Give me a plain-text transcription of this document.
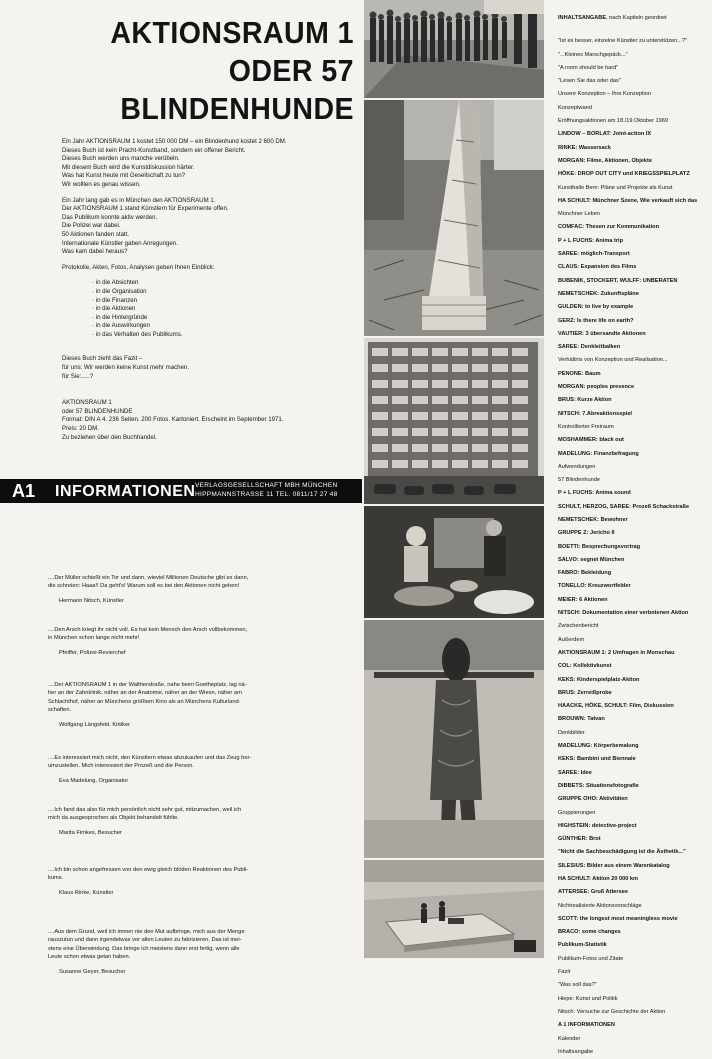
AKTIONSRAUM 1
ODER 57 BLINDENHUNDE

Ein Jahr AKTIONSRAUM 1 kostet 150 000 DM – ein Blindenhund kostet 2 600 DM.
Dieses Buch ist kein Pracht-Kunstband, sondern ein offener Bericht.
Dieses Buch werden uns manche verübeln.
Mit diesem Buch wird die Kunstdiskussion härter.
Was hat Kunst heute mit Gesellschaft zu tun?
Wir wollten es genau wissen.

Ein Jahr lang gab es in München den AKTIONSRAUM 1.
Der AKTIONSRAUM 1 stand Künstlern für Experimente offen.
Das Publikum konnte aktiv werden.
Die Polizei war dabei.
50 Aktionen fanden statt.
Internationale Künstler gaben Anregungen.
Was kam dabei heraus?

Protokolle, Akten, Fotos, Analysen geben Ihnen Einblick:

· in die Absichten
· in die Organisation
· in die Finanzen
· in die Aktionen
· in die Hintergründe
· in die Auswirkungen
· in das Verhalten des Publikums.

Dieses Buch zieht das Fazit –
für uns: Wir werden keine Kunst mehr machen.
für Sie:.....?

AKTIONSRAUM 1
oder 57 BLINDENHUNDE
Format: DIN A 4. 236 Seiten. 200 Fotos. Kartoniert. Erscheint im September 1971.
Preis: 20 DM.
Zu beziehen über den Buchhandel.

A1 INFORMATIONEN VERLAGSGESELLSCHAFT MBH MÜNCHEN
HIPPMANNSTRASSE 11 TEL. 0811/17 27 48
....Der Müller schießt ein Tor und dann, wieviel Millionen Deutsche gibt es dann,
die schreien: Haaa!! Da geht's! Warum soll es bei den Aktionen nicht gehen!
Hermann Nitsch, Künstler
....Den Arsch kriegt ihr nicht voll. Es hat kein Mensch den Arsch vollbekommen,
in München schon lange nicht mehr!
Pfeiffer, Polizei-Revierchef
....Der AKTIONSRAUM 1 in der Waltherstraße, nahe beim Goetheplatz, lag nä-
her an der Zahnklinik, näher an der Anatomie, näher an der Wiesn, näher am
Schlachthof, näher an Münchens größtem Kino als an Münchens Kulturland-
schaften.
Wolfgang Längsfeld, Kritiker
....Es interessiert mich nicht, den Künstlern etwas abzukaufen und das Zeug her-
umzustellen. Mich interessiert der Prozeß und die Person.
Eva Madelung, Organisator
....Ich fand das also für mich persönlich nicht sehr gut, mitzumachen, weil ich
mich da ausgesprochen als Objekt behandelt fühlte.
Marita Fimkes, Besucher
....Ich bin schon angefressen von den ewig gleich blöden Reaktionen des Publi-
kums.
Klaus Rinke, Künstler
....Aus dem Grund, weil ich immer nie den Mut aufbringe, mich aus der Menge
rauszutun und dann irgendetwas vor allen Leuten zu fabrizieren. Das ist mei-
stens eine Überwindung. Das bringe ich meistens dann erst fertig, wenn alle
Leute schon etwas getan haben.
Susanne Geyer, Besucher
INHALTSANGABE, nach Kapiteln geordnet
"Ist es besser, einzelne Künstler zu unterstützen...?"
"...Kleines Marschgepäck..."
"A room should be hard"
"Lesen Sie das oder das"
Unsere Konzeption – Ihre Konzeption
Konzeptwand
Eröffnungsaktionen am 18./19.Oktober 1969
LINDOW – BORLAT: Joint-action IX
RINKE: Wassersack
MORGAN: Filme, Aktionen, Objekte
HÖKE: DROP OUT CITY und KRIEGSSPIELPLATZ
Kunsthalle Bern: Pläne und Projekte als Kunst
HA SCHULT: Münchner Szene, Wie verkauft sich das
Münchner Leben
COMFAC: Thesen zur Kommunikation
P + L FUCHS: Anima trip
SAREE: möglich-Transport
CLAUS: Expansion des Films
BUBENIK, STOCKERT, WULFF: UNBERATEN
NEMETSCHEK: Zukunftspläne
GULDEN: to live by example
GERZ: Is there life on earth?
VAUTIER: 3 übersandte Aktionen
SAREE: Denkleitbalken
Verhältnis von Konzeption und Realisation...
PENONE: Baum
MORGAN: peoples presence
BRUS: Kurze Aktion
NITSCH: 7.Abreaktionsspiel
Kontrollierter Freiraum
MOSHAMMER: black out
MADELUNG: Finanzbefragung
Aufwendungen
57 Blindenhunde
P + L FUCHS: Anima sound
SCHULT, HERZOG, SAREE: Prozeß Schackstraße
NEMETSCHEK: Bewohner
GRUPPE Z: Jericho II
BOETTI: Besprechungsvortrag
SALVO: segnet München
FABRO: Bekleidung
TONELLO: Kreuzwortfelder
MEIER: 6 Aktionen
NITSCH: Dokumentation einer verbotenen Aktion
Zwischenbericht
Außerdem
AKTIONSRAUM 1: 2 Umfragen in Monschau
COL: Kollektivkunst
KEKS: Kinderspielplatz-Aktion
BRUS: Zerreißprobe
HAACKE, HÖKE, SCHULT: Film, Diskussion
BROUWN: Tatvan
Denkbilder
MADELUNG: Körperbemalung
KEKS: Bambini und Biennale
SAREE: Idee
DIBBETS: Situationsfotografie
GRUPPE OHO: Aktivitäten
Gruppierungen
HIGHSTEIN: detective-project
GÜNTHER: Brot
"Nicht die Sachbeschädigung ist die Ästhetik..."
SILESIUS: Bilder aus einem Warenkatalog
HA SCHULT: Aktion 20 000 km
ATTERSEE: Gruß Attersee
Nichtrealisierte Aktionsvorschläge
SCOTT: the longest most meaningless movie
BRACO: some changes
Publikum-Statistik
Publikum-Fotos und Zitate
Fazit
"Was soll das?"
Hiepe: Kunst und Politik
Nitsch: Versuche zur Geschichte der Aktion
A 1 INFORMATIONEN
Kalender
Inhaltsangabe
